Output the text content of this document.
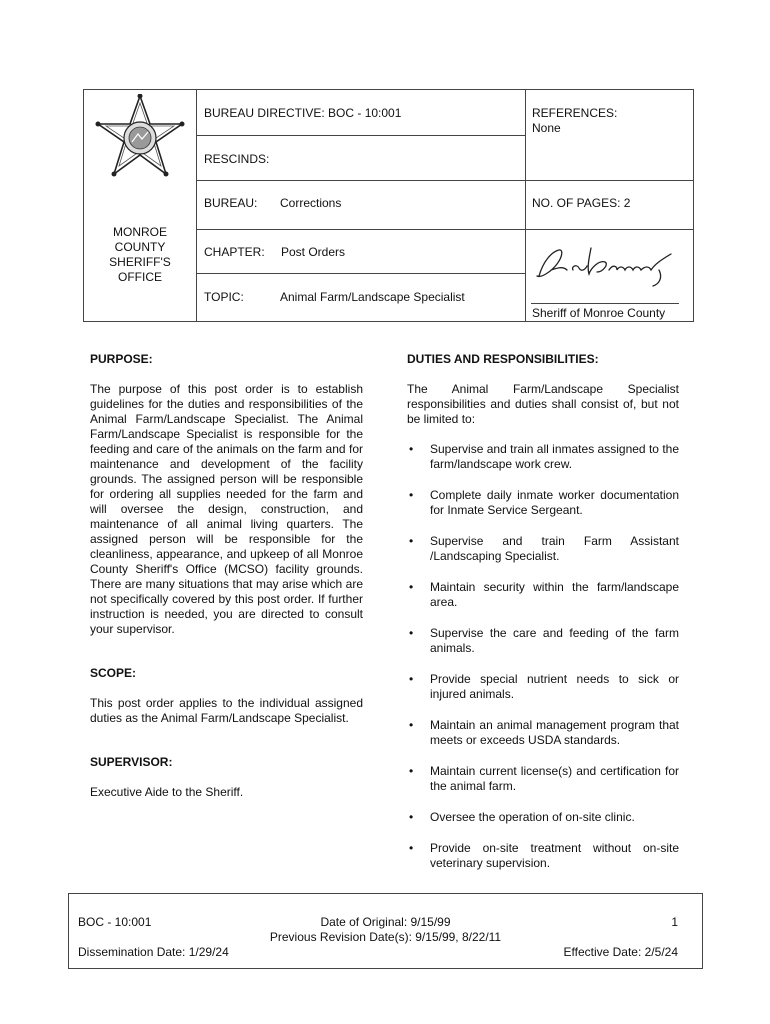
MONROE
COUNTY
SHERIFF'S
OFFICE
BUREAU DIRECTIVE: BOC - 10:001	REFERENCES:
None
RESCINDS:
BUREAU: Corrections	NO. OF PAGES: 2
CHAPTER: Post Orders
TOPIC:	Animal Farm/Landscape Specialist
Sheriff of Monroe County

PURPOSE:

The purpose of this post order is to establish guidelines for the duties and responsibilities of the Animal Farm/Landscape Specialist. The Animal Farm/Landscape Specialist is responsible for the feeding and care of the animals on the farm and for maintenance and development of the facility grounds. The assigned person will be responsible for ordering all supplies needed for the farm and will oversee the design, construction, and maintenance of all animal living quarters. The assigned person will be responsible for the cleanliness, appearance, and upkeep of all Monroe County Sheriff's Office (MCSO) facility grounds. There are many situations that may arise which are not specifically covered by this post order. If further instruction is needed, you are directed to consult your supervisor.

SCOPE:

This post order applies to the individual assigned duties as the Animal Farm/Landscape Specialist.

SUPERVISOR:

Executive Aide to the Sheriff.

DUTIES AND RESPONSIBILITIES:

The Animal Farm/Landscape Specialist responsibilities and duties shall consist of, but not be limited to:

• Supervise and train all inmates assigned to the farm/landscape work crew.
• Complete daily inmate worker documentation for Inmate Service Sergeant.
• Supervise and train Farm Assistant /Landscaping Specialist.
• Maintain security within the farm/landscape area.
• Supervise the care and feeding of the farm animals.
• Provide special nutrient needs to sick or injured animals.
• Maintain an animal management program that meets or exceeds USDA standards.
• Maintain current license(s) and certification for the animal farm.
• Oversee the operation of on-site clinic.
• Provide on-site treatment without on-site veterinary supervision.
BOC - 10:001	Date of Original: 9/15/99	1
Previous Revision Date(s): 9/15/99, 8/22/11
Dissemination Date: 1/29/24	Effective Date: 2/5/24
